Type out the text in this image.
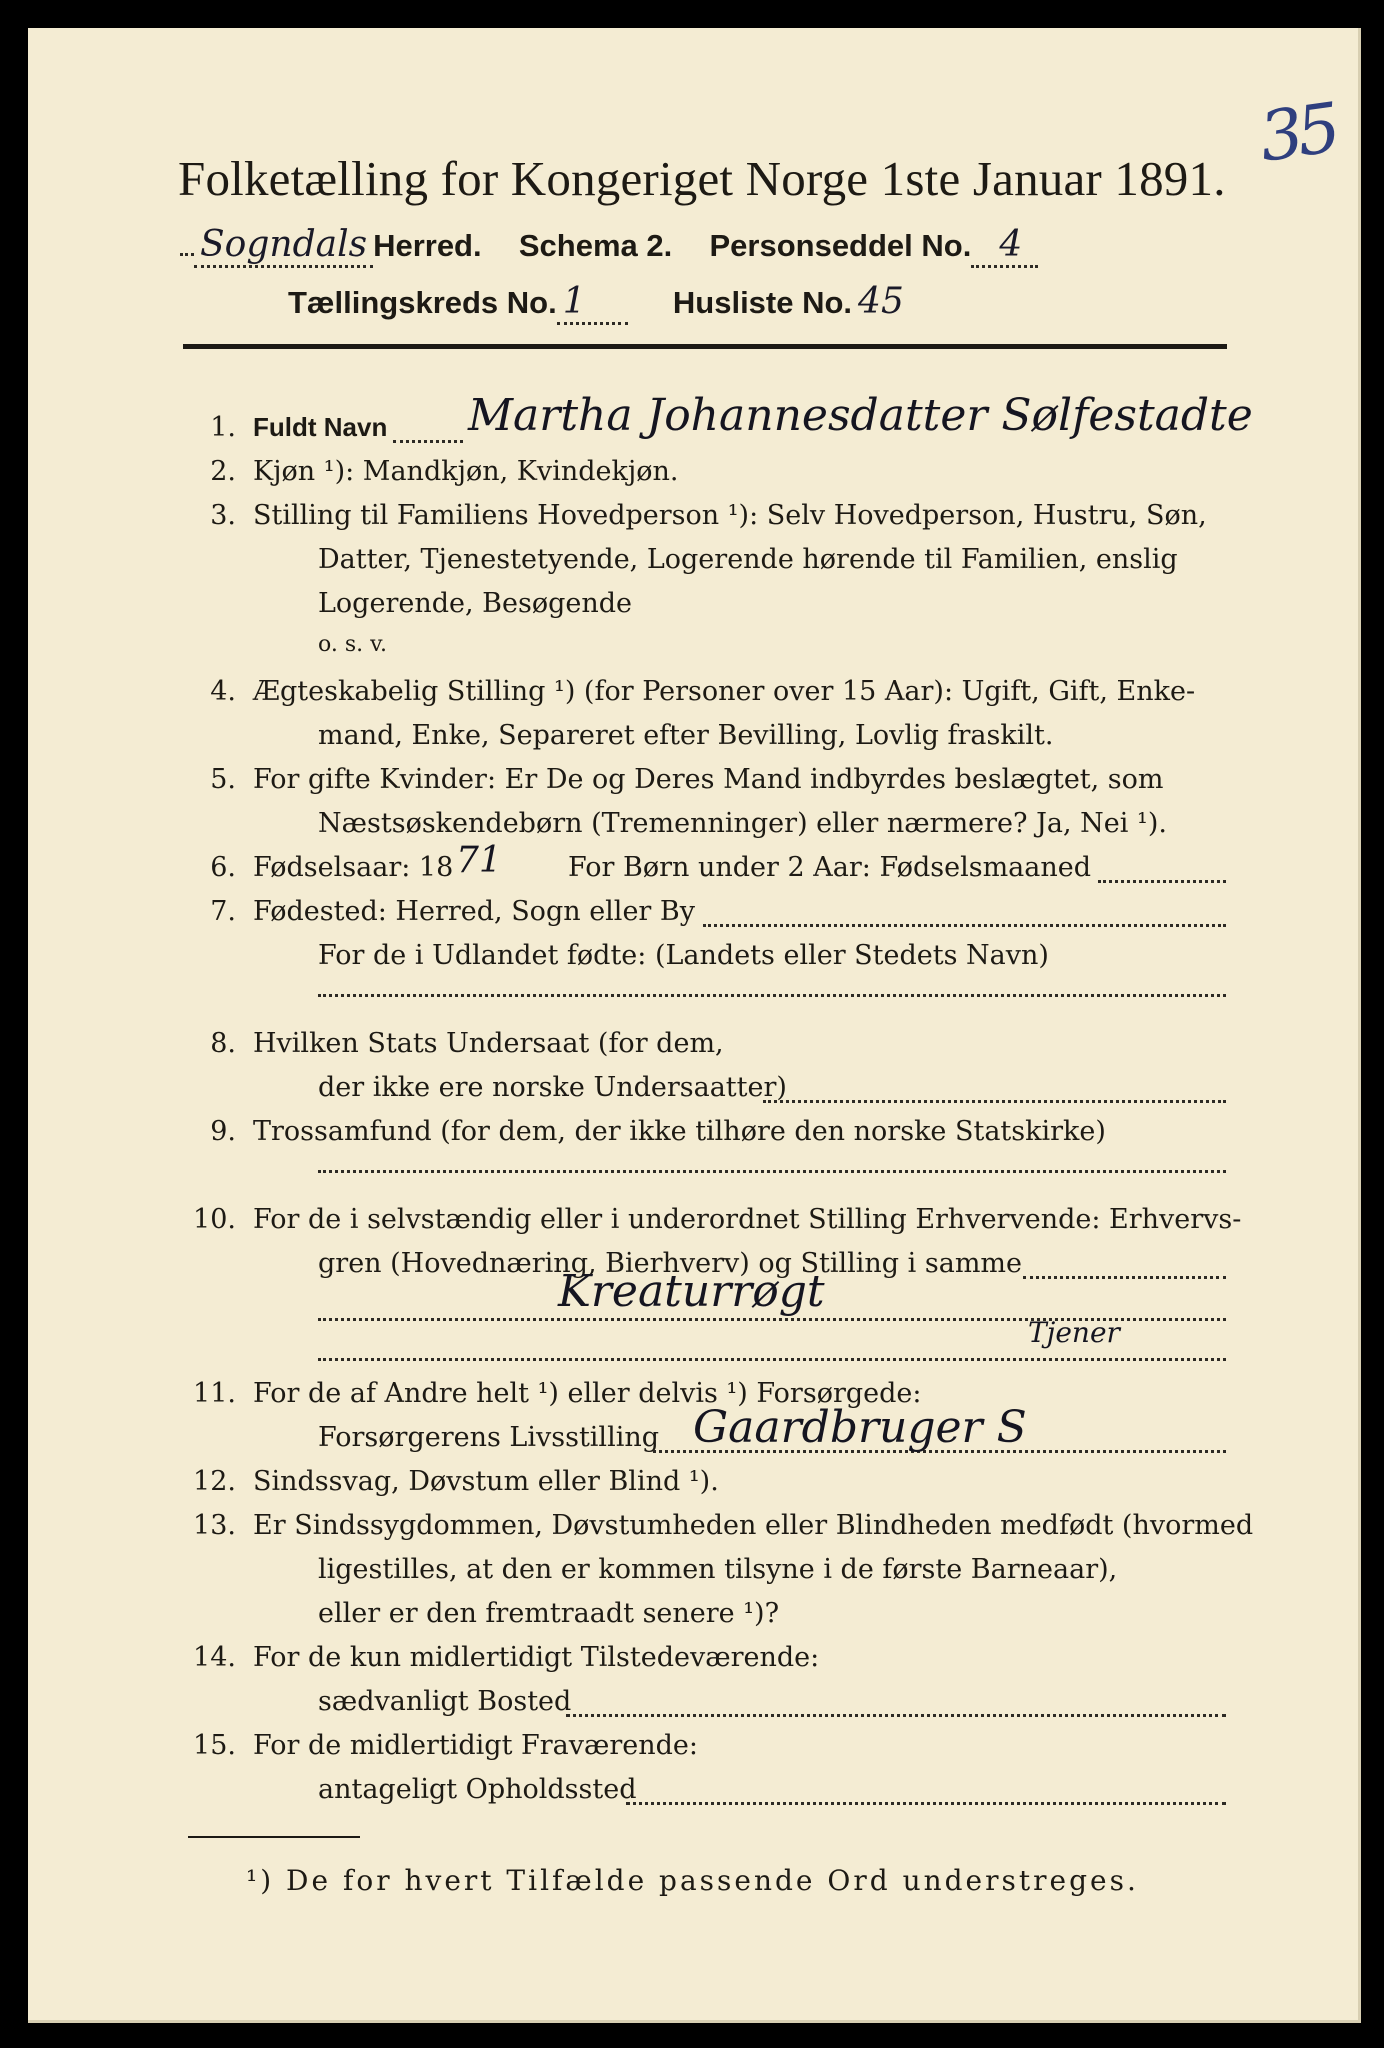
35
Folketælling for Kongeriget Norge 1ste Januar 1891.
Sogndals Herred. Schema 2. Personseddel No. 4
Tællingskreds No. 1	Husliste No. 45
1. Fuldt Navn Martha Johannesdatter Sølfestadte
2. Kjøn ¹): Mandkjøn, Kvindekjøn.
3. Stilling til Familiens Hovedperson ¹): Selv Hovedperson, Hustru, Søn,
Datter, Tjenestetyende, Logerende hørende til Familien, enslig
Logerende, Besøgende
o. s. v.
4. Ægteskabelig Stilling ¹) (for Personer over 15 Aar): Ugift, Gift, Enke-
mand, Enke, Separeret efter Bevilling, Lovlig fraskilt.
5. For gifte Kvinder: Er De og Deres Mand indbyrdes beslægtet, som
Næstsøskendebørn (Tremenninger) eller nærmere? Ja, Nei ¹).
6. Fødselsaar: 18 71 For Børn under 2 Aar: Fødselsmaaned
7. Fødested: Herred, Sogn eller By
For de i Udlandet fødte: (Landets eller Stedets Navn)
8. Hvilken Stats Undersaat (for dem,
der ikke ere norske Undersaatter)
9. Trossamfund (for dem, der ikke tilhøre den norske Statskirke)
10. For de i selvstændig eller i underordnet Stilling Erhvervende: Erhvervs-
gren (Hovednæring, Bierhverv) og Stilling i samme
Kreaturrøgt
Tjener
11. For de af Andre helt ¹) eller delvis ¹) Forsørgede:
Forsørgerens Livsstilling Gaardbruger S
12. Sindssvag, Døvstum eller Blind ¹).
13. Er Sindssygdommen, Døvstumheden eller Blindheden medfødt (hvormed
ligestilles, at den er kommen tilsyne i de første Barneaar),
eller er den fremtraadt senere ¹)?
14. For de kun midlertidigt Tilstedeværende:
sædvanligt Bosted
15. For de midlertidigt Fraværende:
antageligt Opholdssted
¹) De for hvert Tilfælde passende Ord understreges.
